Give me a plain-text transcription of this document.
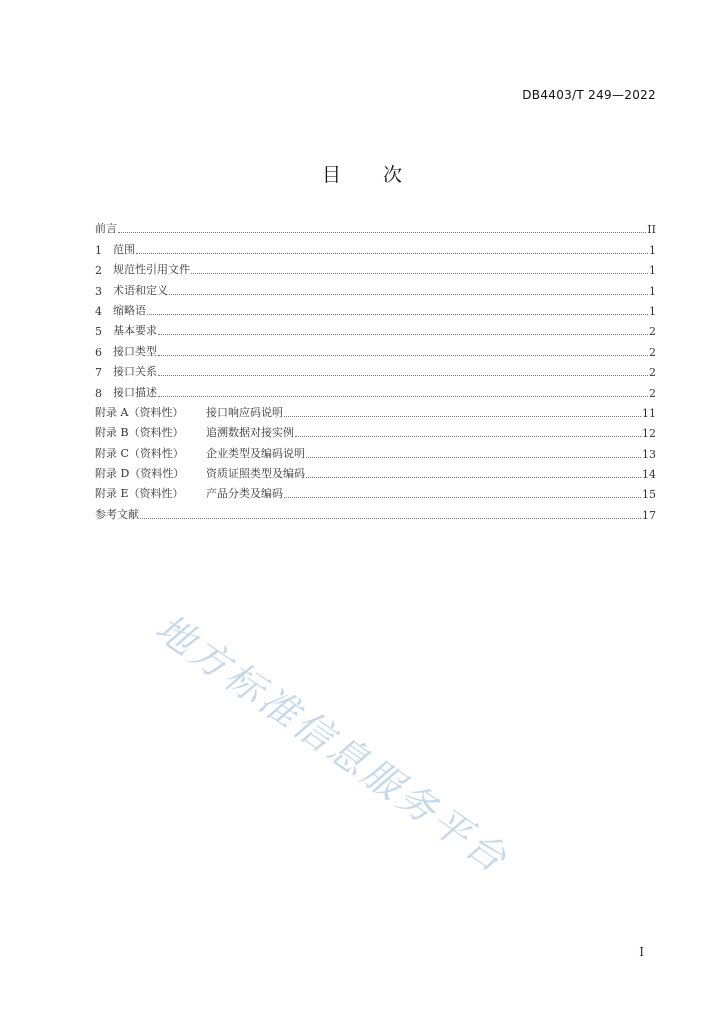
DB4403/T 249—2022
目 次
前言	II
1	范围	1
2	规范性引用文件	1
3	术语和定义	1
4	缩略语	1
5	基本要求	2
6	接口类型	2
7	接口关系	2
8	接口描述	2
附录 A（资料性）	接口响应码说明	11
附录 B（资料性）	追溯数据对接实例	12
附录 C（资料性）	企业类型及编码说明	13
附录 D（资料性）	资质证照类型及编码	14
附录 E（资料性）	产品分类及编码	15
参考文献	17
地方标准信息服务平台
I
